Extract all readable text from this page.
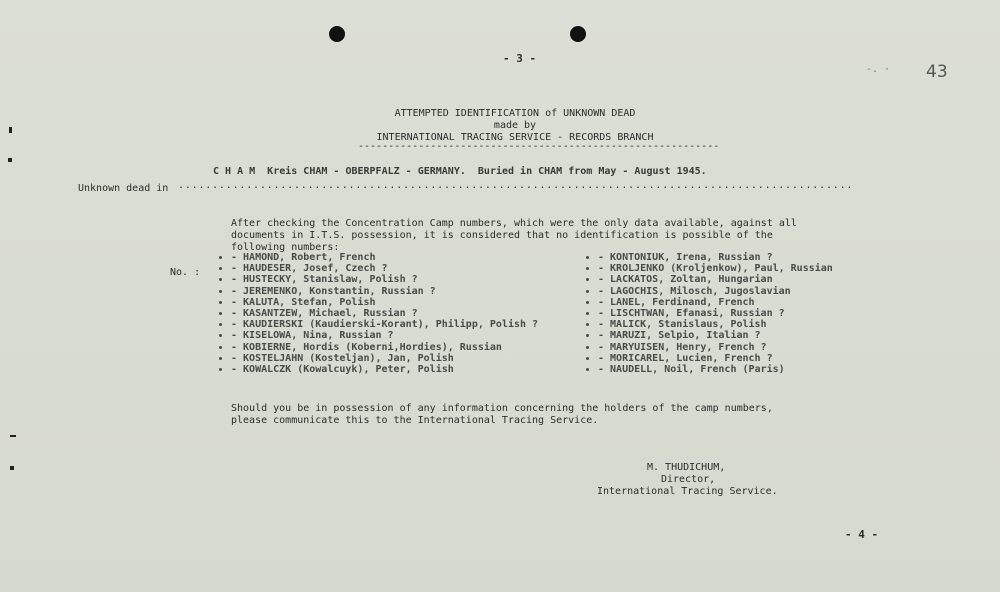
- 3 -
-. · 43
ATTEMPTED IDENTIFICATION of UNKNOWN DEAD
made by
INTERNATIONAL TRACING SERVICE - RECORDS BRANCH
------------------------------------------------------------
C H A M  Kreis CHAM - OBERPFALZ - GERMANY.  Buried in CHAM from May - August 1945.
Unknown dead in ...................................................................................................
After checking the Concentration Camp numbers, which were the only data available, against all
documents in I.T.S. possession, it is considered that no identification is possible of the
following numbers:
No. :
• - HAMOND, Robert, French
• - HAUDESER, Josef, Czech ?
• - HUSTECKY, Stanislaw, Polish ?
• - JEREMENKO, Konstantin, Russian ?
• - KALUTA, Stefan, Polish
• - KASANTZEW, Michael, Russian ?
• - KAUDIERSKI (Kaudierski-Korant), Philipp, Polish ?
• - KISELOWA, Nina, Russian ?
• - KOBIERNE, Hordis (Koberni,Hordies), Russian
• - KOSTELJAHN (Kosteljan), Jan, Polish
• - KOWALCZK (Kowalcuyk), Peter, Polish
• - KONTONIUK, Irena, Russian ?
• - KROLJENKO (Kroljenkow), Paul, Russian
• - LACKATOS, Zoltan, Hungarian
• - LAGOCHIS, Milosch, Jugoslavian
• - LANEL, Ferdinand, French
• - LISCHTWAN, Efanasi, Russian ?
• - MALICK, Stanislaus, Polish
• - MARUZI, Selpio, Italian ?
• - MARYUISEN, Henry, French ?
• - MORICAREL, Lucien, French ?
• - NAUDELL, Noil, French (Paris)
Should you be in possession of any information concerning the holders of the camp numbers,
please communicate this to the International Tracing Service.
M. THUDICHUM,
Director,
International Tracing Service.
- 4 -
